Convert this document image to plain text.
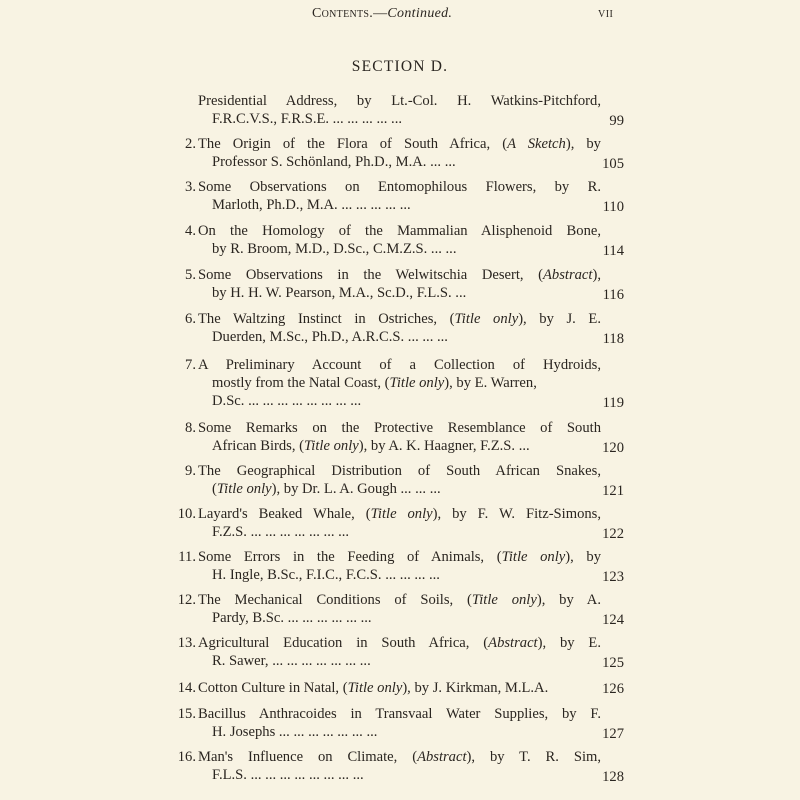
Contents.—Continued.	vii
SECTION D.
Presidential Address, by Lt.-Col. H. Watkins-Pitchford,
F.R.C.V.S., F.R.S.E. ... ... ... ... ...	99
2. The Origin of the Flora of South Africa, (A Sketch), by
Professor S. Schönland, Ph.D., M.A. ... ...	105
3. Some Observations on Entomophilous Flowers, by R.
Marloth, Ph.D., M.A. ... ... ... ... ...	110
4. On the Homology of the Mammalian Alisphenoid Bone,
by R. Broom, M.D., D.Sc., C.M.Z.S. ... ...	114
5. Some Observations in the Welwitschia Desert, (Abstract),
by H. H. W. Pearson, M.A., Sc.D., F.L.S. ...	116
6. The Waltzing Instinct in Ostriches, (Title only), by J. E.
Duerden, M.Sc., Ph.D., A.R.C.S. ... ... ...	118
7. A Preliminary Account of a Collection of Hydroids,
mostly from the Natal Coast, (Title only), by E. Warren,
D.Sc. ... ... ... ... ... ... ... ...	119
8. Some Remarks on the Protective Resemblance of South
African Birds, (Title only), by A. K. Haagner, F.Z.S. ...	120
9. The Geographical Distribution of South African Snakes,
(Title only), by Dr. L. A. Gough ... ... ...	121
10. Layard's Beaked Whale, (Title only), by F. W. Fitz-Simons,
F.Z.S. ... ... ... ... ... ... ...	122
11. Some Errors in the Feeding of Animals, (Title only), by
H. Ingle, B.Sc., F.I.C., F.C.S. ... ... ... ...	123
12. The Mechanical Conditions of Soils, (Title only), by A.
Pardy, B.Sc. ... ... ... ... ... ...	124
13. Agricultural Education in South Africa, (Abstract), by E.
R. Sawer, ... ... ... ... ... ... ...	125
14. Cotton Culture in Natal, (Title only), by J. Kirkman, M.L.A.	126
15. Bacillus Anthracoides in Transvaal Water Supplies, by F.
H. Josephs ... ... ... ... ... ... ...	127
16. Man's Influence on Climate, (Abstract), by T. R. Sim,
F.L.S. ... ... ... ... ... ... ... ...	128
